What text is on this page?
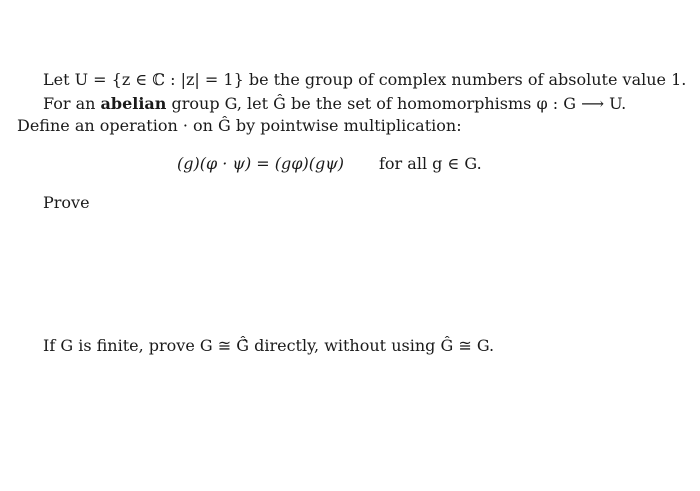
Let U = {z ∈ ℂ : |z| = 1} be the group of complex numbers of absolute value 1.
For an abelian group G, let Ĝ be the set of homomorphisms φ : G ⟶ U.
Define an operation · on Ĝ by pointwise multiplication:
(g)(φ · ψ) = (gφ)(gψ) for all g ∈ G.
Prove
If G is finite, prove G ≅ Ĝ̂ directly, without using Ĝ ≅ G.
